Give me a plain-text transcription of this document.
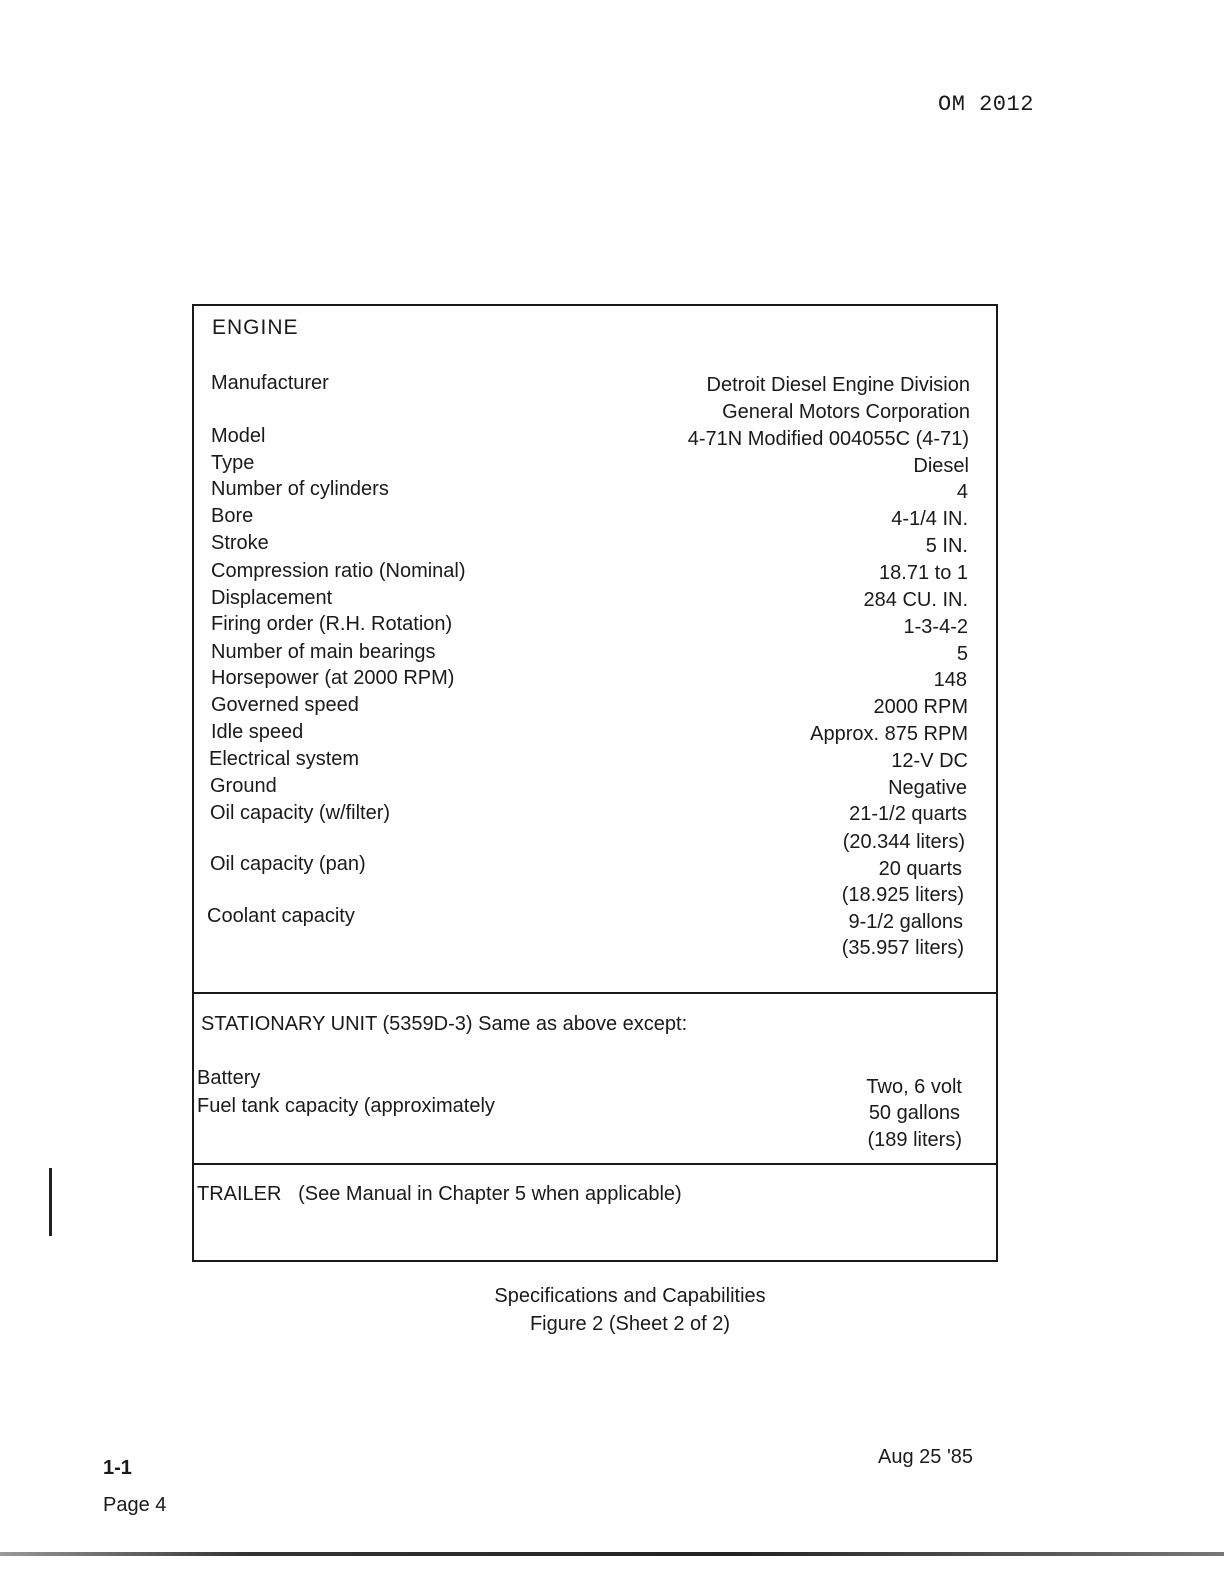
OM 2012
ENGINE
Manufacturer
Model
Type
Number of cylinders
Bore
Stroke
Compression ratio (Nominal)
Displacement
Firing order (R.H. Rotation)
Number of main bearings
Horsepower (at 2000 RPM)
Governed speed
Idle speed
Electrical system
Ground
Oil capacity (w/filter)
Oil capacity (pan)
Coolant capacity
Detroit Diesel Engine Division
General Motors Corporation
4-71N Modified 004055C (4-71)
Diesel
4
4-1/4 IN.
5 IN.
18.71 to 1
284 CU. IN.
1-3-4-2
5
148
2000 RPM
Approx. 875 RPM
12-V DC
Negative
21-1/2 quarts
(20.344 liters)
20 quarts
(18.925 liters)
9-1/2 gallons
(35.957 liters)
STATIONARY UNIT (5359D-3) Same as above except:
Battery
Fuel tank capacity (approximately
Two, 6 volt
50 gallons
(189 liters)
TRAILER   (See Manual in Chapter 5 when applicable)
Specifications and Capabilities
Figure 2 (Sheet 2 of 2)
1-1
Page 4
Aug 25 '85
